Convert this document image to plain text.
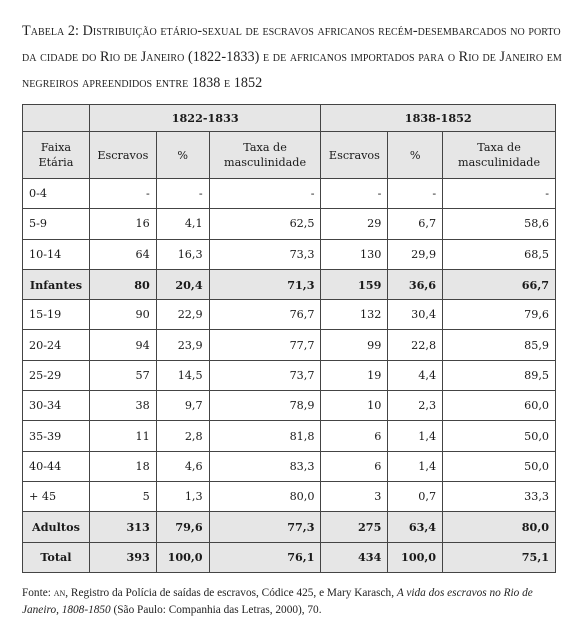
Tabela 2: Distribuição etário-sexual de escravos africanos recém-desembarcados no porto da cidade do Rio de Janeiro (1822-1833) e de africanos importados para o Rio de Janeiro em negreiros apreendidos entre 1838 e 1852

	1822-1833			1838-1852		
Faixa Etária	Escravos	%	Taxa de masculinidade	Escravos	%	Taxa de masculinidade
0-4	-	-	-	-	-	-
5-9	16	4,1	62,5	29	6,7	58,6
10-14	64	16,3	73,3	130	29,9	68,5
Infantes	80	20,4	71,3	159	36,6	66,7
15-19	90	22,9	76,7	132	30,4	79,6
20-24	94	23,9	77,7	99	22,8	85,9
25-29	57	14,5	73,7	19	4,4	89,5
30-34	38	9,7	78,9	10	2,3	60,0
35-39	11	2,8	81,8	6	1,4	50,0
40-44	18	4,6	83,3	6	1,4	50,0
+ 45	5	1,3	80,0	3	0,7	33,3
Adultos	313	79,6	77,3	275	63,4	80,0
Total	393	100,0	76,1	434	100,0	75,1
Fonte: an, Registro da Polícia de saídas de escravos, Códice 425, e Mary Karasch, A vida dos escravos no Rio de Janeiro, 1808-1850 (São Paulo: Companhia das Letras, 2000), 70.
